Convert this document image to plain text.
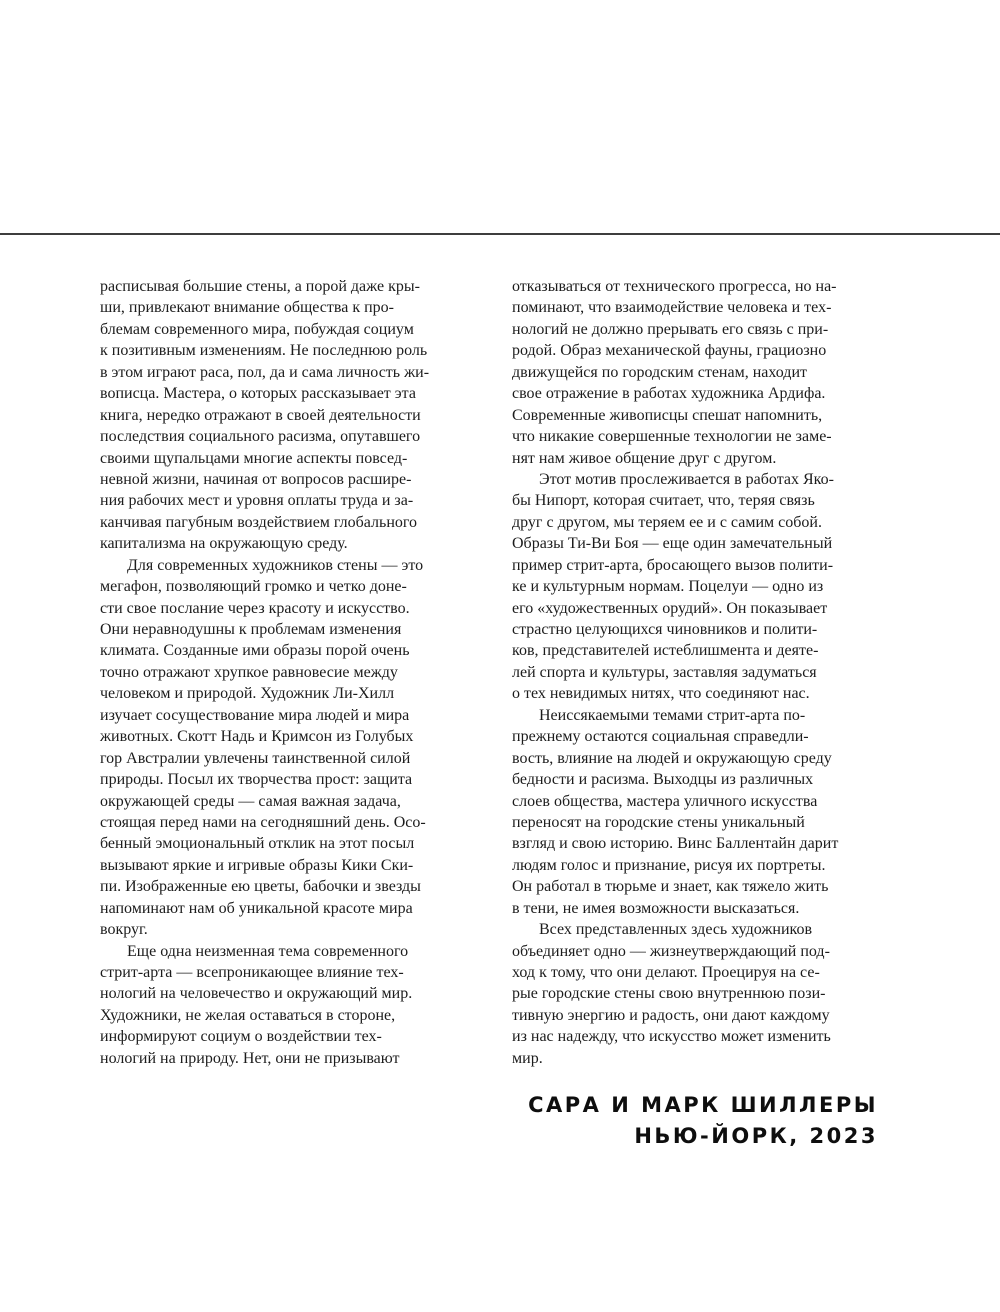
расписывая большие стены, а порой даже кры-
ши, привлекают внимание общества к про-
блемам современного мира, побуждая социум
к позитивным изменениям. Не последнюю роль
в этом играют раса, пол, да и сама личность жи-
вописца. Мастера, о которых рассказывает эта
книга, нередко отражают в своей деятельности
последствия социального расизма, опутавшего
своими щупальцами многие аспекты повсед-
невной жизни, начиная от вопросов расшире-
ния рабочих мест и уровня оплаты труда и за-
канчивая пагубным воздействием глобального
капитализма на окружающую среду.
Для современных художников стены — это
мегафон, позволяющий громко и четко доне-
сти свое послание через красоту и искусство.
Они неравнодушны к проблемам изменения
климата. Созданные ими образы порой очень
точно отражают хрупкое равновесие между
человеком и природой. Художник Ли-Хилл
изучает сосуществование мира людей и мира
животных. Скотт Надь и Кримсон из Голубых
гор Австралии увлечены таинственной силой
природы. Посыл их творчества прост: защита
окружающей среды — самая важная задача,
стоящая перед нами на сегодняшний день. Осо-
бенный эмоциональный отклик на этот посыл
вызывают яркие и игривые образы Кики Ски-
пи. Изображенные ею цветы, бабочки и звезды
напоминают нам об уникальной красоте мира
вокруг.
Еще одна неизменная тема современного
стрит-арта — всепроникающее влияние тех-
нологий на человечество и окружающий мир.
Художники, не желая оставаться в стороне,
информируют социум о воздействии тех-
нологий на природу. Нет, они не призывают
отказываться от технического прогресса, но на-
поминают, что взаимодействие человека и тех-
нологий не должно прерывать его связь с при-
родой. Образ механической фауны, грациозно
движущейся по городским стенам, находит
свое отражение в работах художника Ардифа.
Современные живописцы спешат напомнить,
что никакие совершенные технологии не заме-
нят нам живое общение друг с другом.
Этот мотив прослеживается в работах Яко-
бы Нипорт, которая считает, что, теряя связь
друг с другом, мы теряем ее и с самим собой.
Образы Ти-Ви Боя — еще один замечательный
пример стрит-арта, бросающего вызов полити-
ке и культурным нормам. Поцелуи — одно из
его «художественных орудий». Он показывает
страстно целующихся чиновников и полити-
ков, представителей истеблишмента и деяте-
лей спорта и культуры, заставляя задуматься
о тех невидимых нитях, что соединяют нас.
Неиссякаемыми темами стрит-арта по-
прежнему остаются социальная справедли-
вость, влияние на людей и окружающую среду
бедности и расизма. Выходцы из различных
слоев общества, мастера уличного искусства
переносят на городские стены уникальный
взгляд и свою историю. Винс Баллентайн дарит
людям голос и признание, рисуя их портреты.
Он работал в тюрьме и знает, как тяжело жить
в тени, не имея возможности высказаться.
Всех представленных здесь художников
объединяет одно — жизнеутверждающий под-
ход к тому, что они делают. Проецируя на се-
рые городские стены свою внутреннюю пози-
тивную энергию и радость, они дают каждому
из нас надежду, что искусство может изменить
мир.
САРА И МАРК ШИЛЛЕРЫ
НЬЮ-ЙОРК, 2023
